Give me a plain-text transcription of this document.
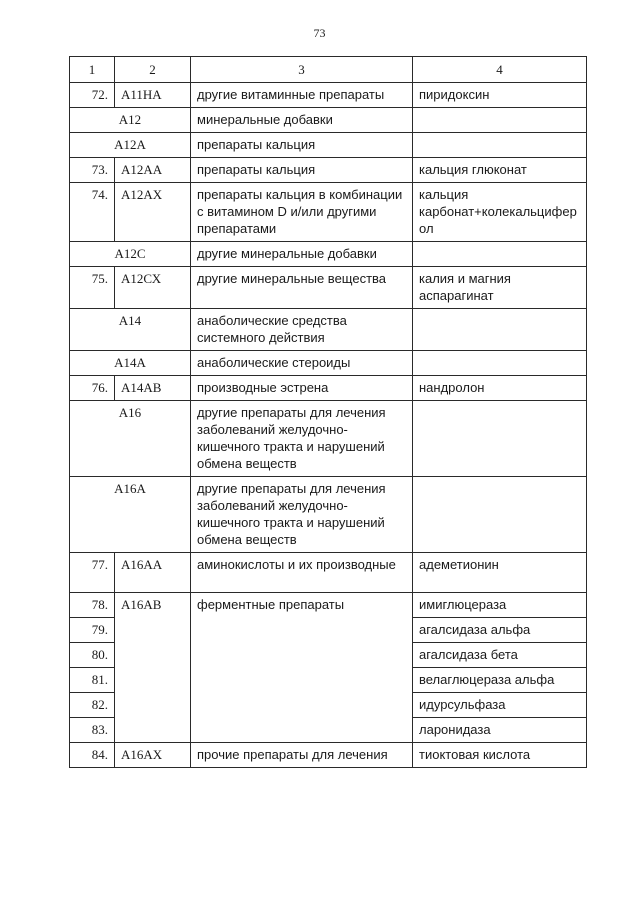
73
1	2	3	4
72.	А11НА	другие витаминные препараты	пиридоксин
А12		минеральные добавки	
А12А		препараты кальция	
73.	А12АА	препараты кальция	кальция глюконат
74.	А12АХ	препараты кальция в комбинации с витамином D и/или другими препаратами	кальция карбонат+колекальцифер ол
А12С		другие минеральные добавки	
75.	А12СХ	другие минеральные вещества	калия и магния аспарагинат
А14		анаболические средства системного действия	
А14А		анаболические стероиды	
76.	А14АВ	производные эстрена	нандролон
А16		другие препараты для лечения заболеваний желудочно-кишечного тракта и нарушений обмена веществ	
А16А		другие препараты для лечения заболеваний желудочно-кишечного тракта и нарушений обмена веществ	
77.	А16АА	аминокислоты и их производные	адеметионин
78.	А16АВ	ферментные препараты	имиглюцераза
79.			агалсидаза альфа
80.			агалсидаза бета
81.			велаглюцераза альфа
82.			идурсульфаза
83.			ларонидаза
84.	А16АХ	прочие препараты для лечения	тиоктовая кислота
